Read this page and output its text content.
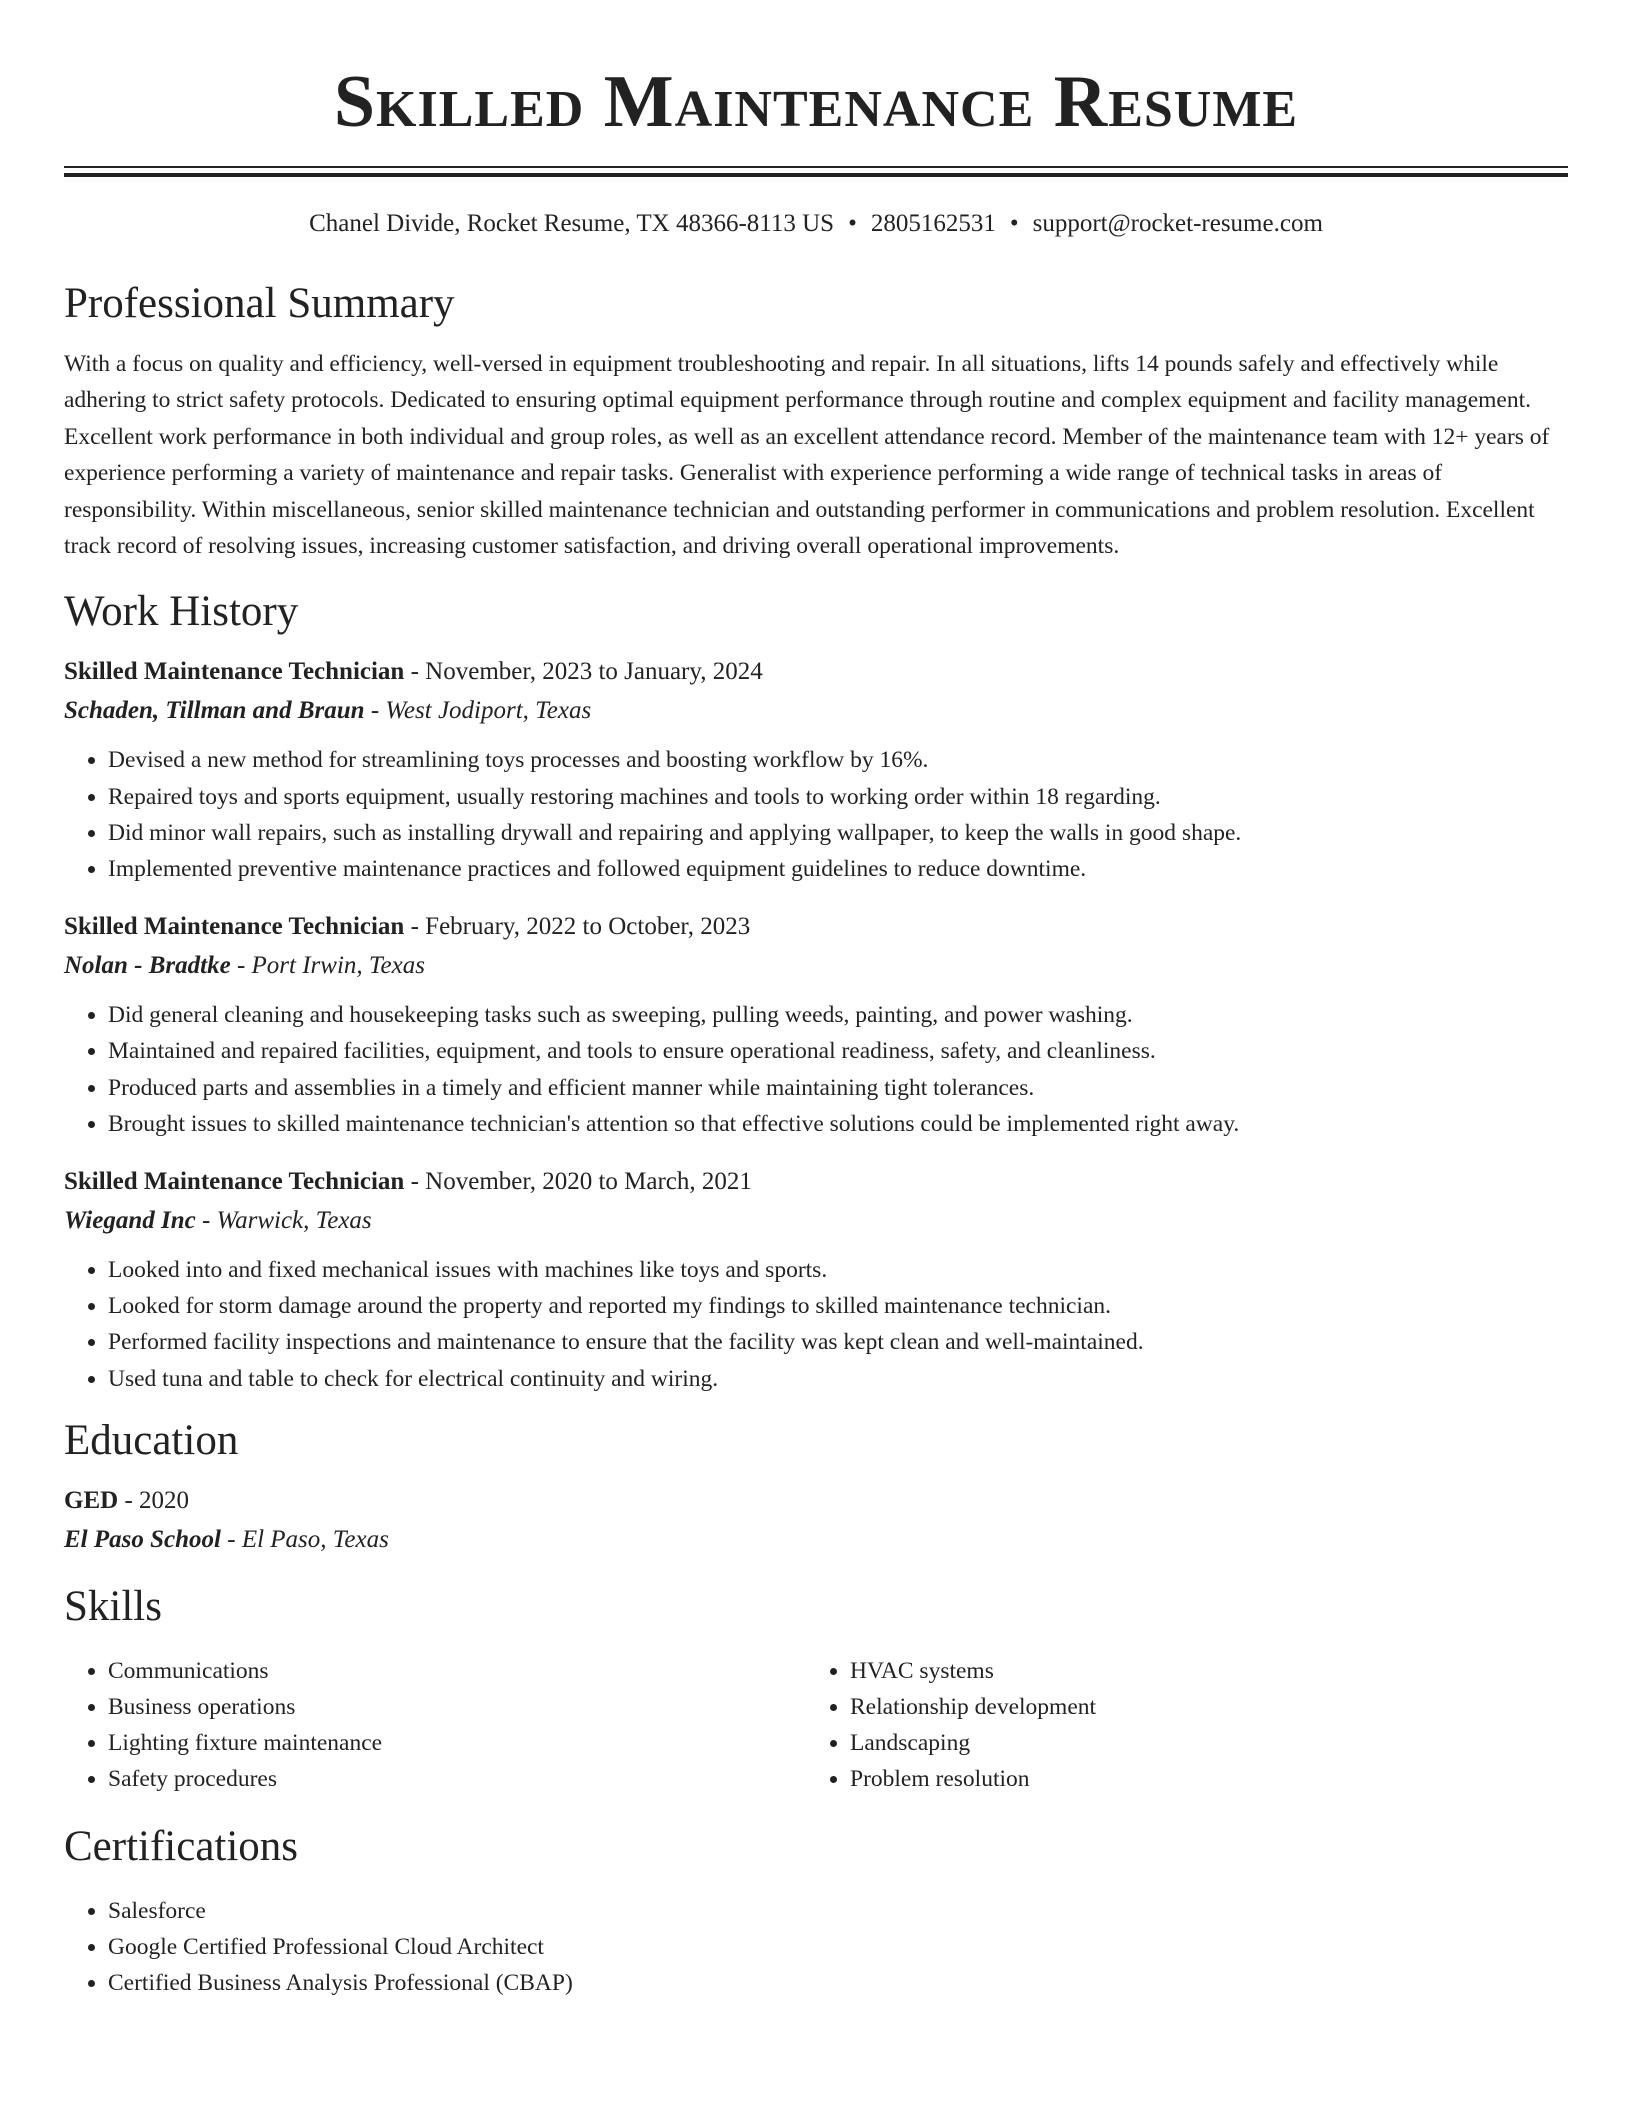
Skilled Maintenance Resume
Chanel Divide, Rocket Resume, TX 48366-8113 US • 2805162531 • support@rocket-resume.com
Professional Summary

With a focus on quality and efficiency, well-versed in equipment troubleshooting and repair. In all situations, lifts 14 pounds safely and effectively while adhering to strict safety protocols. Dedicated to ensuring optimal equipment performance through routine and complex equipment and facility management. Excellent work performance in both individual and group roles, as well as an excellent attendance record. Member of the maintenance team with 12+ years of experience performing a variety of maintenance and repair tasks. Generalist with experience performing a wide range of technical tasks in areas of responsibility. Within miscellaneous, senior skilled maintenance technician and outstanding performer in communications and problem resolution. Excellent track record of resolving issues, increasing customer satisfaction, and driving overall operational improvements.

Work History
Skilled Maintenance Technician - November, 2023 to January, 2024
Schaden, Tillman and Braun - West Jodiport, Texas
• Devised a new method for streamlining toys processes and boosting workflow by 16%.
• Repaired toys and sports equipment, usually restoring machines and tools to working order within 18 regarding.
• Did minor wall repairs, such as installing drywall and repairing and applying wallpaper, to keep the walls in good shape.
• Implemented preventive maintenance practices and followed equipment guidelines to reduce downtime.
Skilled Maintenance Technician - February, 2022 to October, 2023
Nolan - Bradtke - Port Irwin, Texas
• Did general cleaning and housekeeping tasks such as sweeping, pulling weeds, painting, and power washing.
• Maintained and repaired facilities, equipment, and tools to ensure operational readiness, safety, and cleanliness.
• Produced parts and assemblies in a timely and efficient manner while maintaining tight tolerances.
• Brought issues to skilled maintenance technician's attention so that effective solutions could be implemented right away.
Skilled Maintenance Technician - November, 2020 to March, 2021
Wiegand Inc - Warwick, Texas
• Looked into and fixed mechanical issues with machines like toys and sports.
• Looked for storm damage around the property and reported my findings to skilled maintenance technician.
• Performed facility inspections and maintenance to ensure that the facility was kept clean and well-maintained.
• Used tuna and table to check for electrical continuity and wiring.
Education
GED - 2020
El Paso School - El Paso, Texas
Skills
• Communications
• Business operations
• Lighting fixture maintenance
• Safety procedures
• HVAC systems
• Relationship development
• Landscaping
• Problem resolution
Certifications
• Salesforce
• Google Certified Professional Cloud Architect
• Certified Business Analysis Professional (CBAP)
